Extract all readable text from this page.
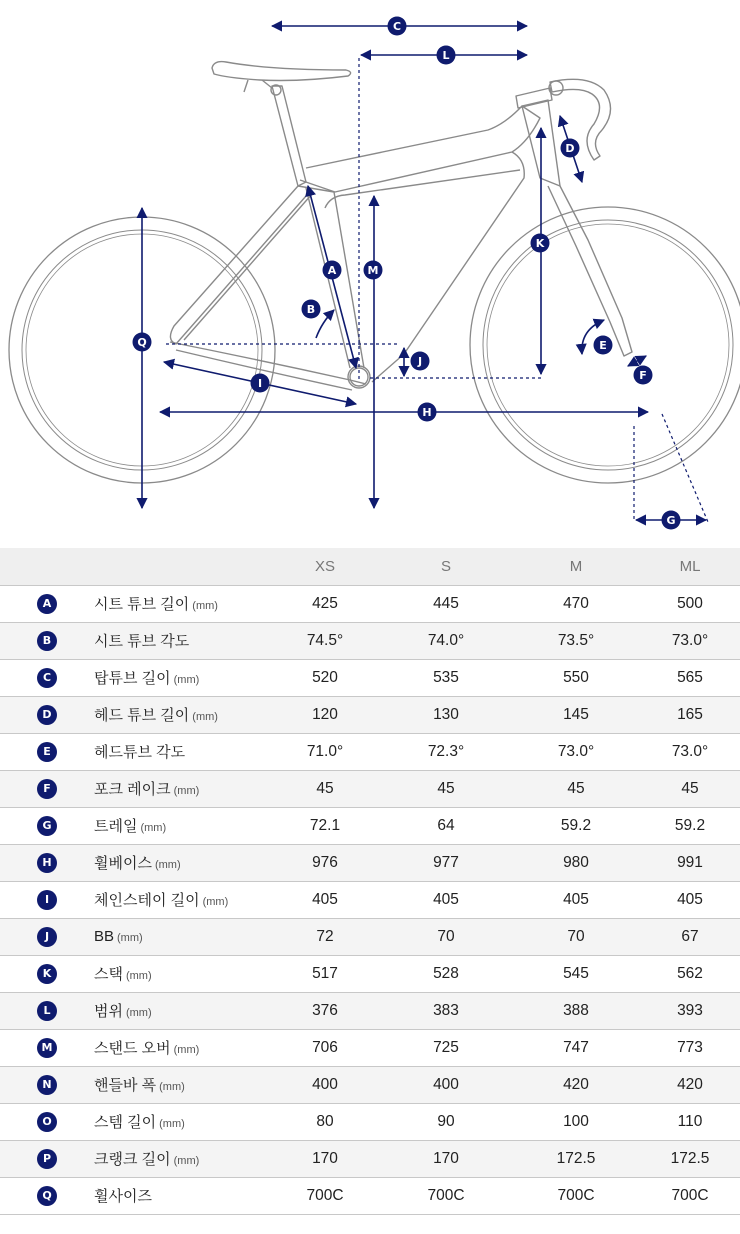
A
B
C
D
E
F
G
H
I
J
K
L
M
Q
		XS	S	M	ML
A	시트 튜브 길이 (mm)	425	445	470	500
B	시트 튜브 각도	74.5°	74.0°	73.5°	73.0°
C	탑튜브 길이 (mm)	520	535	550	565
D	헤드 튜브 길이 (mm)	120	130	145	165
E	헤드튜브 각도	71.0°	72.3°	73.0°	73.0°
F	포크 레이크 (mm)	45	45	45	45
G	트레일 (mm)	72.1	64	59.2	59.2
H	휠베이스 (mm)	976	977	980	991
I	체인스테이 길이 (mm)	405	405	405	405
J	BB (mm)	72	70	70	67
K	스택 (mm)	517	528	545	562
L	범위 (mm)	376	383	388	393
M	스탠드 오버 (mm)	706	725	747	773
N	핸들바 폭 (mm)	400	400	420	420
O	스템 길이 (mm)	80	90	100	110
P	크랭크 길이 (mm)	170	170	172.5	172.5
Q	휠사이즈	700C	700C	700C	700C
